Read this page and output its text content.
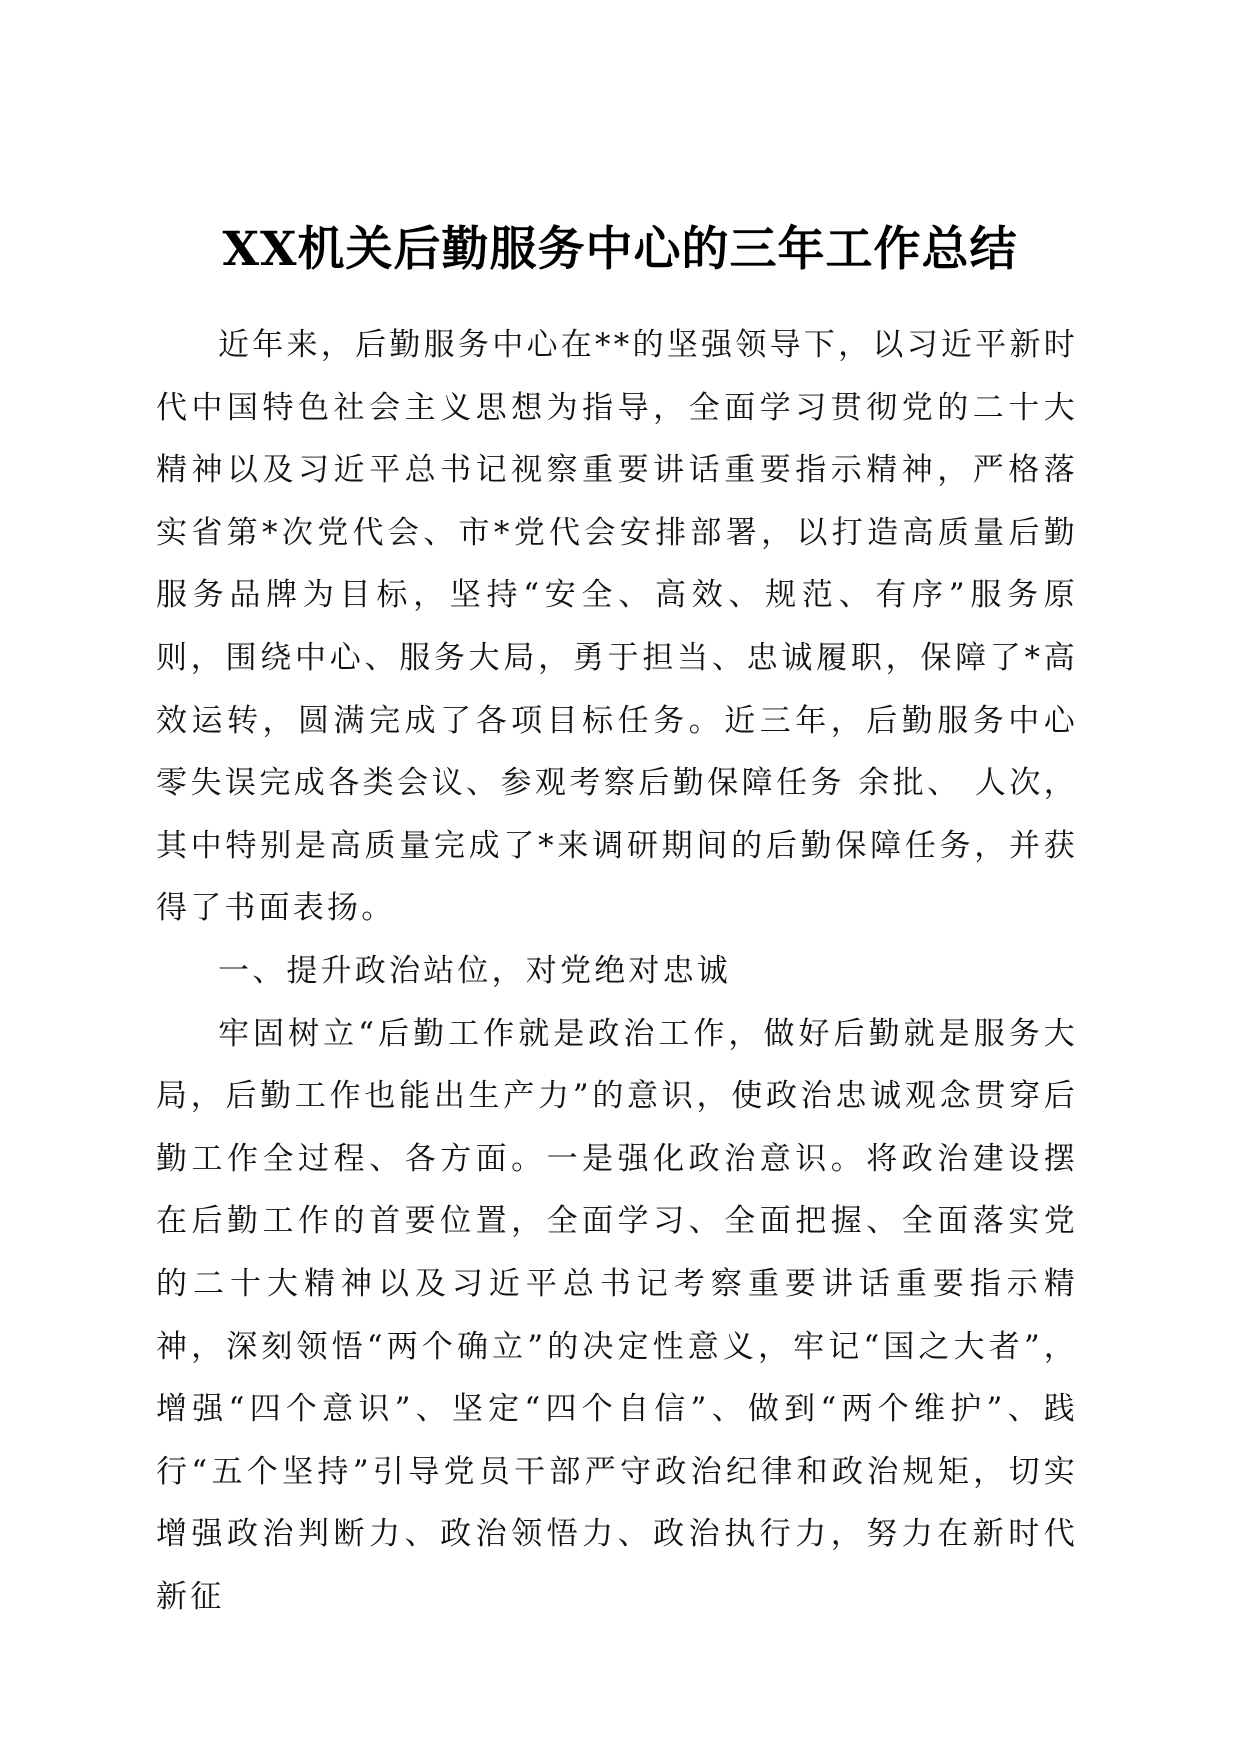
XX机关后勤服务中心的三年工作总结

近年来，后勤服务中心在**的坚强领导下，以习近平新时代中国特色社会主义思想为指导，全面学习贯彻党的二十大精神以及习近平总书记视察重要讲话重要指示精神，严格落实省第*次党代会、市*党代会安排部署，以打造高质量后勤服务品牌为目标，坚持“安全、高效、规范、有序”服务原则，围绕中心、服务大局，勇于担当、忠诚履职，保障了*高效运转，圆满完成了各项目标任务。近三年，后勤服务中心零失误完成各类会议、参观考察后勤保障任务 余批、 人次，其中特别是高质量完成了*来调研期间的后勤保障任务，并获得了书面表扬。

一、提升政治站位，对党绝对忠诚

牢固树立“后勤工作就是政治工作，做好后勤就是服务大局，后勤工作也能出生产力”的意识，使政治忠诚观念贯穿后勤工作全过程、各方面。一是强化政治意识。将政治建设摆在后勤工作的首要位置，全面学习、全面把握、全面落实党的二十大精神以及习近平总书记考察重要讲话重要指示精神，深刻领悟“两个确立”的决定性意义，牢记“国之大者”，增强“四个意识”、坚定“四个自信”、做到“两个维护”、践行“五个坚持”引导党员干部严守政治纪律和政治规矩，切实增强政治判断力、政治领悟力、政治执行力，努力在新时代新征
